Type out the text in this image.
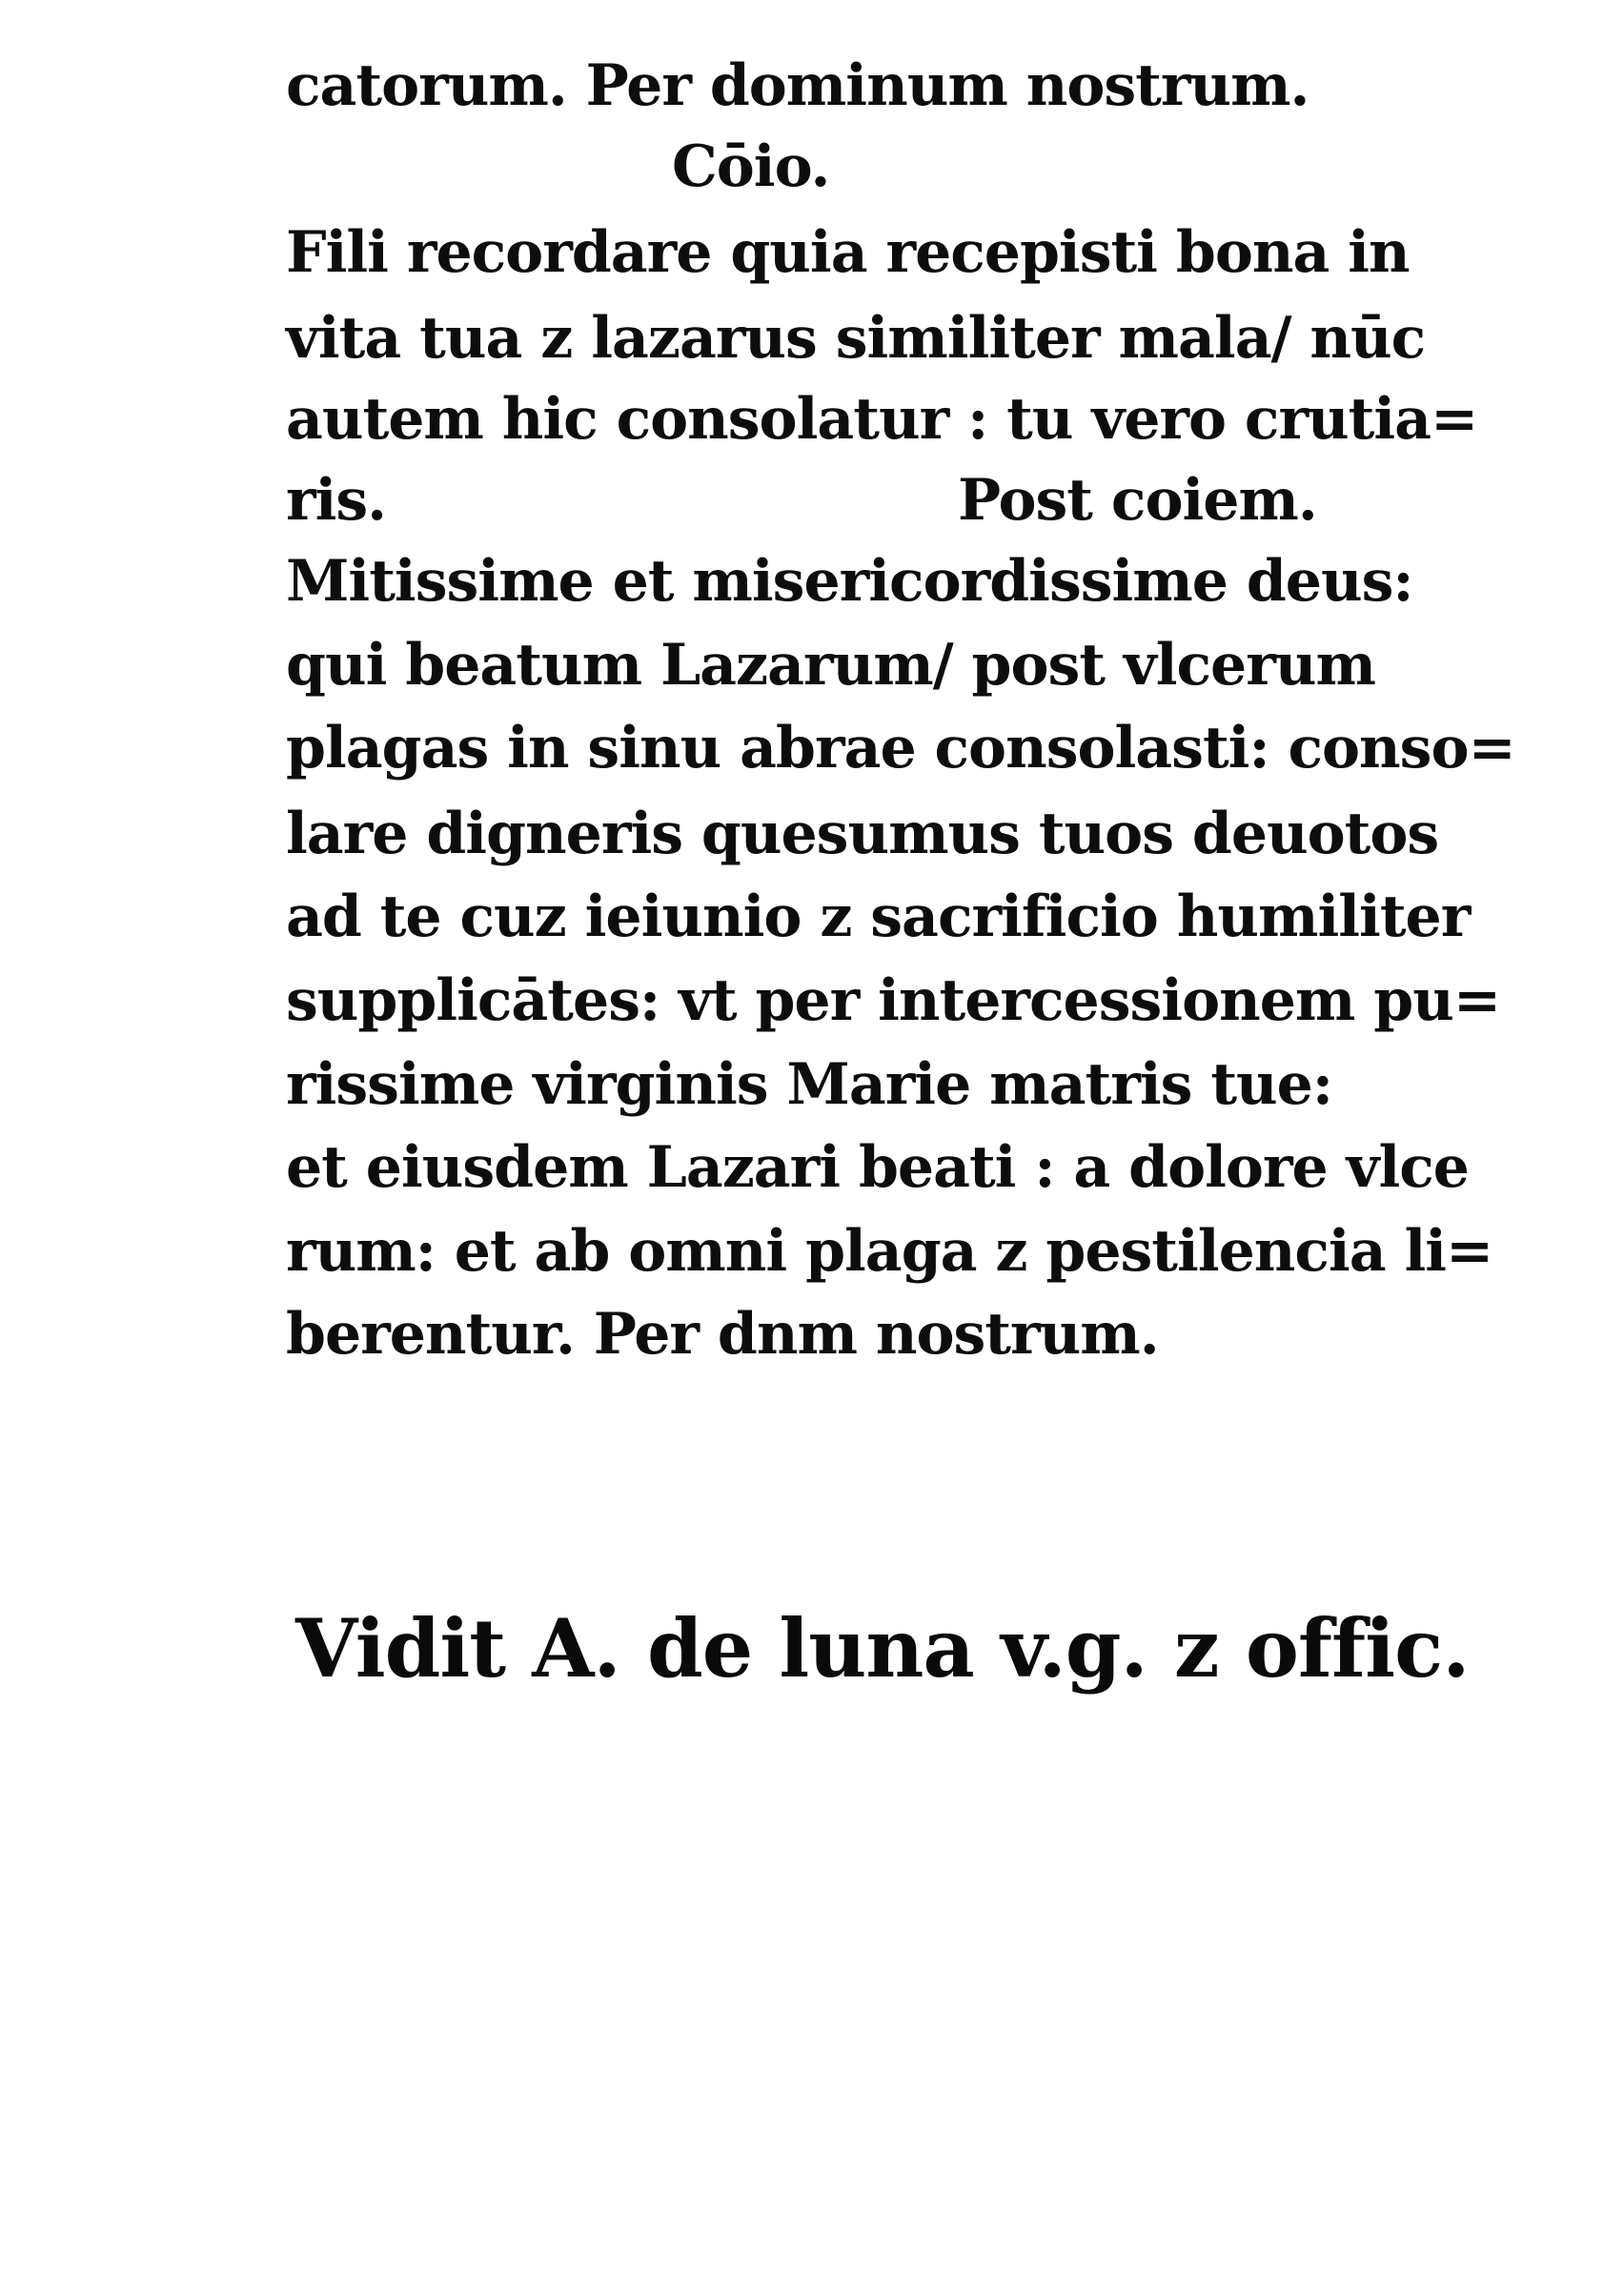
catorum. Per dominum nostrum.
Cōio.
Fili recordare quia recepisti bona in
vita tua z lazarus similiter mala/ nūc
autem hic consolatur : tu vero crutia=
ris.	Post coiem.
Mitissime et misericordissime deus:
qui beatum Lazarum/ post vlcerum
plagas in sinu abrae consolasti: conso=
lare digneris quesumus tuos deuotos
ad te cuz ieiunio z sacrificio humiliter
supplicātes: vt per intercessionem pu=
rissime virginis Marie matris tue:
et eiusdem Lazari beati : a dolore vlce
rum: et ab omni plaga z pestilencia li=
berentur. Per dnm nostrum.
Vidit A. de luna v.g. z offic.
